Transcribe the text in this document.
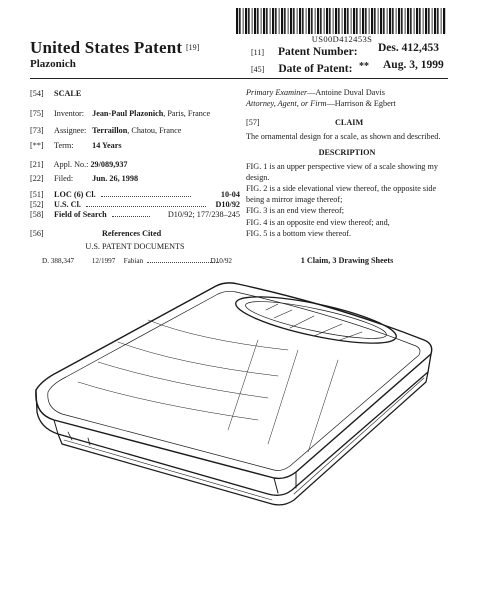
US00D412453S
United States Patent [19]
Plazonich
[11] Patent Number: Des. 412,453
[45] Date of Patent: ** Aug. 3, 1999
[54] SCALE
[75] Inventor: Jean-Paul Plazonich, Paris, France
[73] Assignee: Terraillon, Chatou, France
[**] Term: 14 Years
[21] Appl. No.: 29/089,937
[22] Filed: Jun. 26, 1998
[51] LOC (6) Cl.	10-04
[52] U.S. Cl.	D10/92
[58] Field of Search	D10/92; 177/238–245
[56]	References Cited
U.S. PATENT DOCUMENTS
D. 388,347 12/1997 Fabian	D10/92
Primary Examiner—Antoine Duval Davis
Attorney, Agent, or Firm—Harrison & Egbert
[57]	CLAIM
The ornamental design for a scale, as shown and described.
DESCRIPTION
FIG. 1 is an upper perspective view of a scale showing my design.
FIG. 2 is a side elevational view thereof, the opposite side being a mirror image thereof;
FIG. 3 is an end view thereof;
FIG. 4 is an opposite end view thereof; and,
FIG. 5 is a bottom view thereof.
1 Claim, 3 Drawing Sheets
